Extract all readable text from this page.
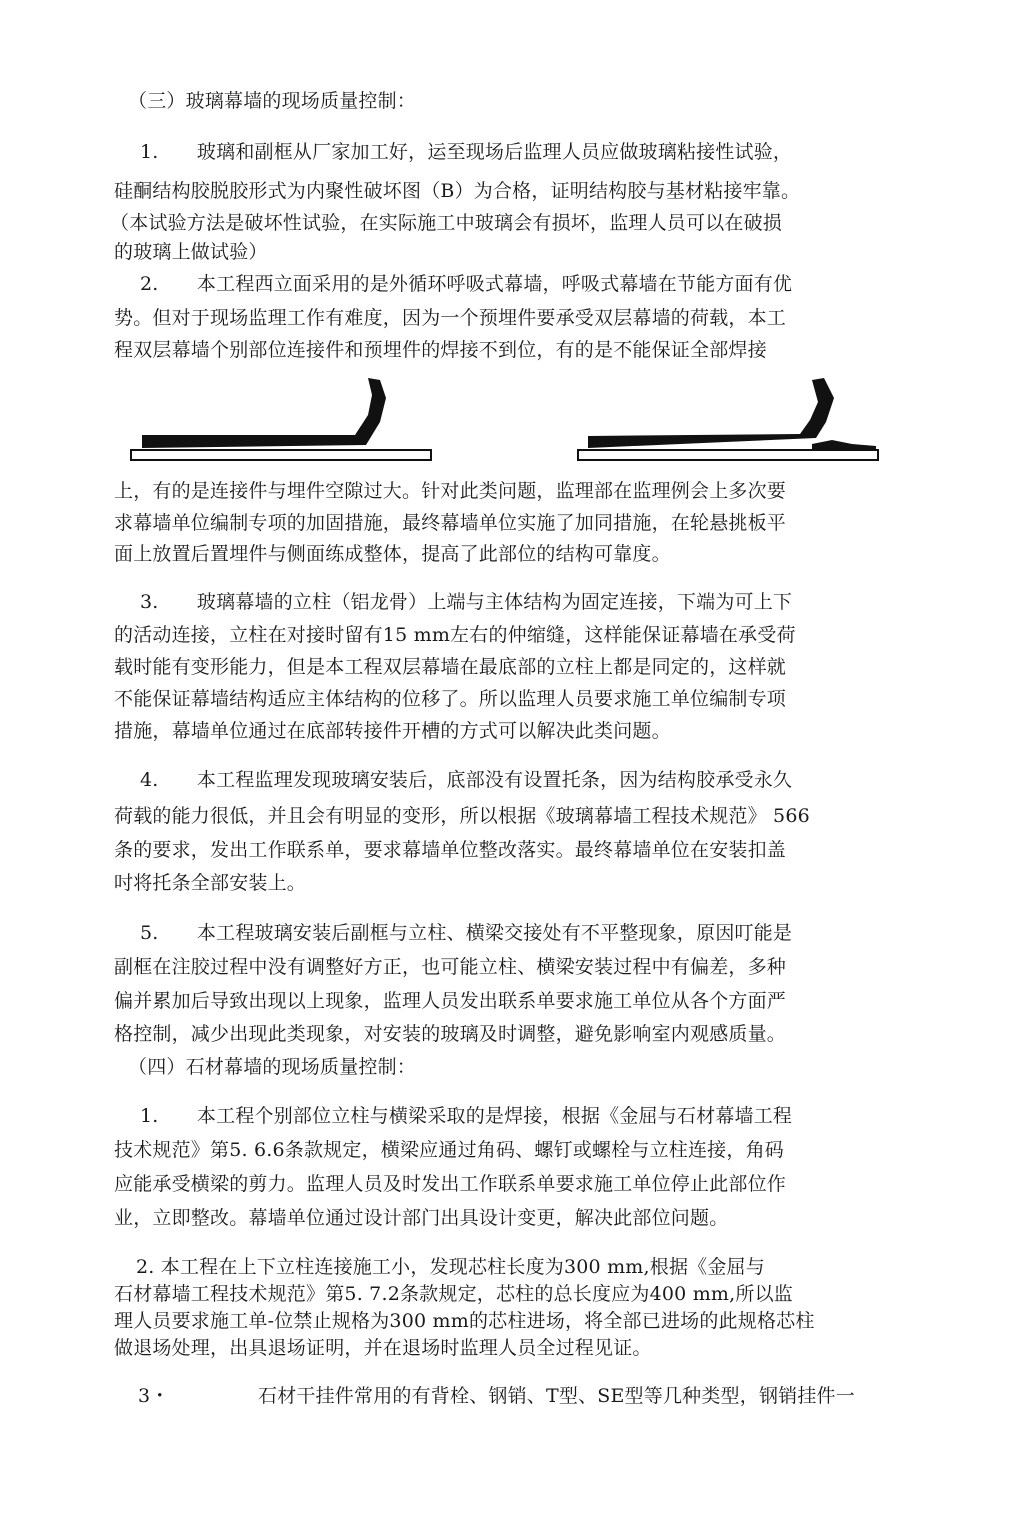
（三）玻璃幕墙的现场质量控制：
1.　　玻璃和副框从厂家加工好，运至现场后监理人员应做玻璃粘接性试验，
硅酮结构胶脱胶形式为内聚性破坏图（B）为合格，证明结构胶与基材粘接牢靠。
（本试验方法是破坏性试验，在实际施工中玻璃会有损坏，监理人员可以在破损
的玻璃上做试验）
2.　　本工程西立面采用的是外循环呼吸式幕墙，呼吸式幕墙在节能方面有优
势。但对于现场监理工作有难度，因为一个预埋件要承受双层幕墙的荷载，本工
程双层幕墙个别部位连接件和预埋件的焊接不到位，有的是不能保证全部焊接
上，有的是连接件与埋件空隙过大。针对此类问题，监理部在监理例会上多次要
求幕墙单位编制专项的加固措施，最终幕墙单位实施了加同措施，在轮悬挑板平
面上放置后置埋件与侧面练成整体，提高了此部位的结构可靠度。
3.　　玻璃幕墙的立柱（铝龙骨）上端与主体结构为固定连接，下端为可上下
的活动连接，立柱在对接时留有15 mm左右的仲缩缝，这样能保证幕墙在承受荷
载时能有变形能力，但是本工程双层幕墙在最底部的立柱上都是同定的，这样就
不能保证幕墙结构适应主体结构的位移了。所以监理人员要求施工单位编制专项
措施，幕墙单位通过在底部转接件开槽的方式可以解决此类问题。
4.　　本工程监理发现玻璃安装后，底部没有设置托条，因为结构胶承受永久
荷载的能力很低，并且会有明显的变形，所以根据《玻璃幕墙工程技术规范》 566
条的要求，发出工作联系单，要求幕墙单位整改落实。最终幕墙单位在安装扣盖
吋将托条全部安装上。
5.　　本工程玻璃安装后副框与立柱、横梁交接处有不平整现象，原因叮能是
副框在注胶过程中没有调整好方正，也可能立柱、横梁安装过程中有偏差，多种
偏并累加后导致出现以上现象，监理人员发出联系单要求施工单位从各个方面严
格控制，减少出现此类现象，对安装的玻璃及时调整，避免影响室内观感质量。
（四）石材幕墙的现场质量控制：
1.　　本工程个别部位立柱与横梁采取的是焊接，根据《金屈与石材幕墙工程
技术规范》第5. 6.6条款规定，横梁应通过角码、螺钉或螺栓与立柱连接，角码
应能承受横梁的剪力。监理人员及时发出工作联系单要求施工单位停止此部位作
业，立即整改。幕墙单位通过设计部门出具设计变更，解决此部位问题。
2. 本工程在上下立柱连接施工小，发现芯柱长度为300 mm,根据《金屈与
石材幕墙工程技术规范》第5. 7.2条款规定，芯柱的总长度应为400 mm,所以监
理人员要求施工单-位禁止规格为300 mm的芯柱进场，将全部已进场的此规格芯柱
做退场处理，出具退场证明，并在退场时监理人员全过程见证。
3・	石材干挂件常用的有背栓、钢销、T型、SE型等几种类型，钢销挂件一
